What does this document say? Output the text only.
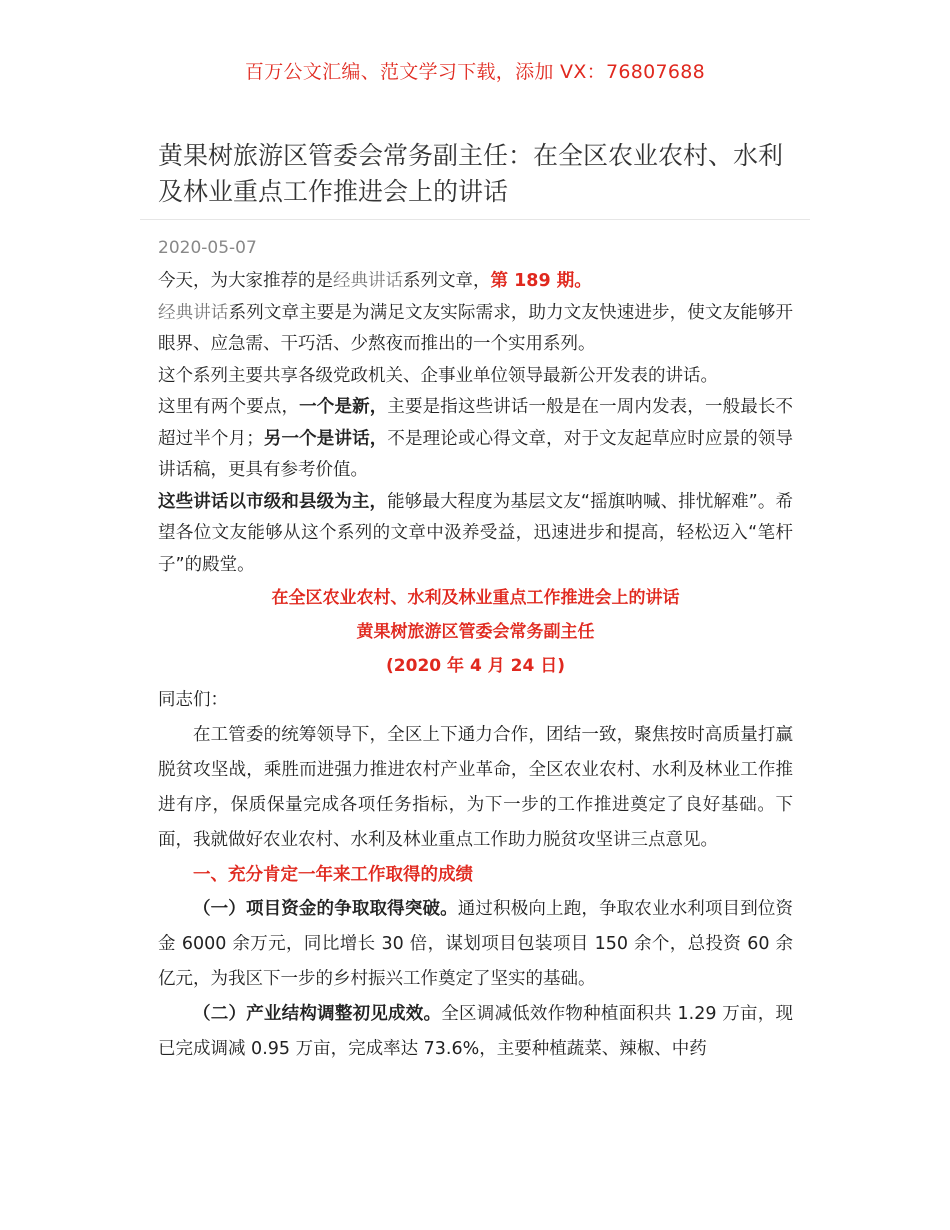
百万公文汇编、范文学习下载，添加 VX：76807688
黄果树旅游区管委会常务副主任：在全区农业农村、水利及林业重点工作推进会上的讲话
2020-05-07

今天，为大家推荐的是经典讲话系列文章，第 189 期。

经典讲话系列文章主要是为满足文友实际需求，助力文友快速进步，使文友能够开眼界、应急需、干巧活、少熬夜而推出的一个实用系列。

这个系列主要共享各级党政机关、企事业单位领导最新公开发表的讲话。

这里有两个要点，一个是新，主要是指这些讲话一般是在一周内发表，一般最长不超过半个月；另一个是讲话，不是理论或心得文章，对于文友起草应时应景的领导讲话稿，更具有参考价值。

这些讲话以市级和县级为主，能够最大程度为基层文友“摇旗呐喊、排忧解难”。希望各位文友能够从这个系列的文章中汲养受益，迅速进步和提高，轻松迈入“笔杆子”的殿堂。

在全区农业农村、水利及林业重点工作推进会上的讲话

黄果树旅游区管委会常务副主任

(2020 年 4 月 24 日)

同志们：

在工管委的统筹领导下，全区上下通力合作，团结一致，聚焦按时高质量打赢脱贫攻坚战，乘胜而进强力推进农村产业革命，全区农业农村、水利及林业工作推进有序，保质保量完成各项任务指标，为下一步的工作推进奠定了良好基础。下面，我就做好农业农村、水利及林业重点工作助力脱贫攻坚讲三点意见。

一、充分肯定一年来工作取得的成绩

（一）项目资金的争取取得突破。通过积极向上跑，争取农业水利项目到位资金 6000 余万元，同比增长 30 倍，谋划项目包装项目 150 余个，总投资 60 余亿元，为我区下一步的乡村振兴工作奠定了坚实的基础。

（二）产业结构调整初见成效。全区调减低效作物种植面积共 1.29 万亩，现已完成调减 0.95 万亩，完成率达 73.6%，主要种植蔬菜、辣椒、中药
